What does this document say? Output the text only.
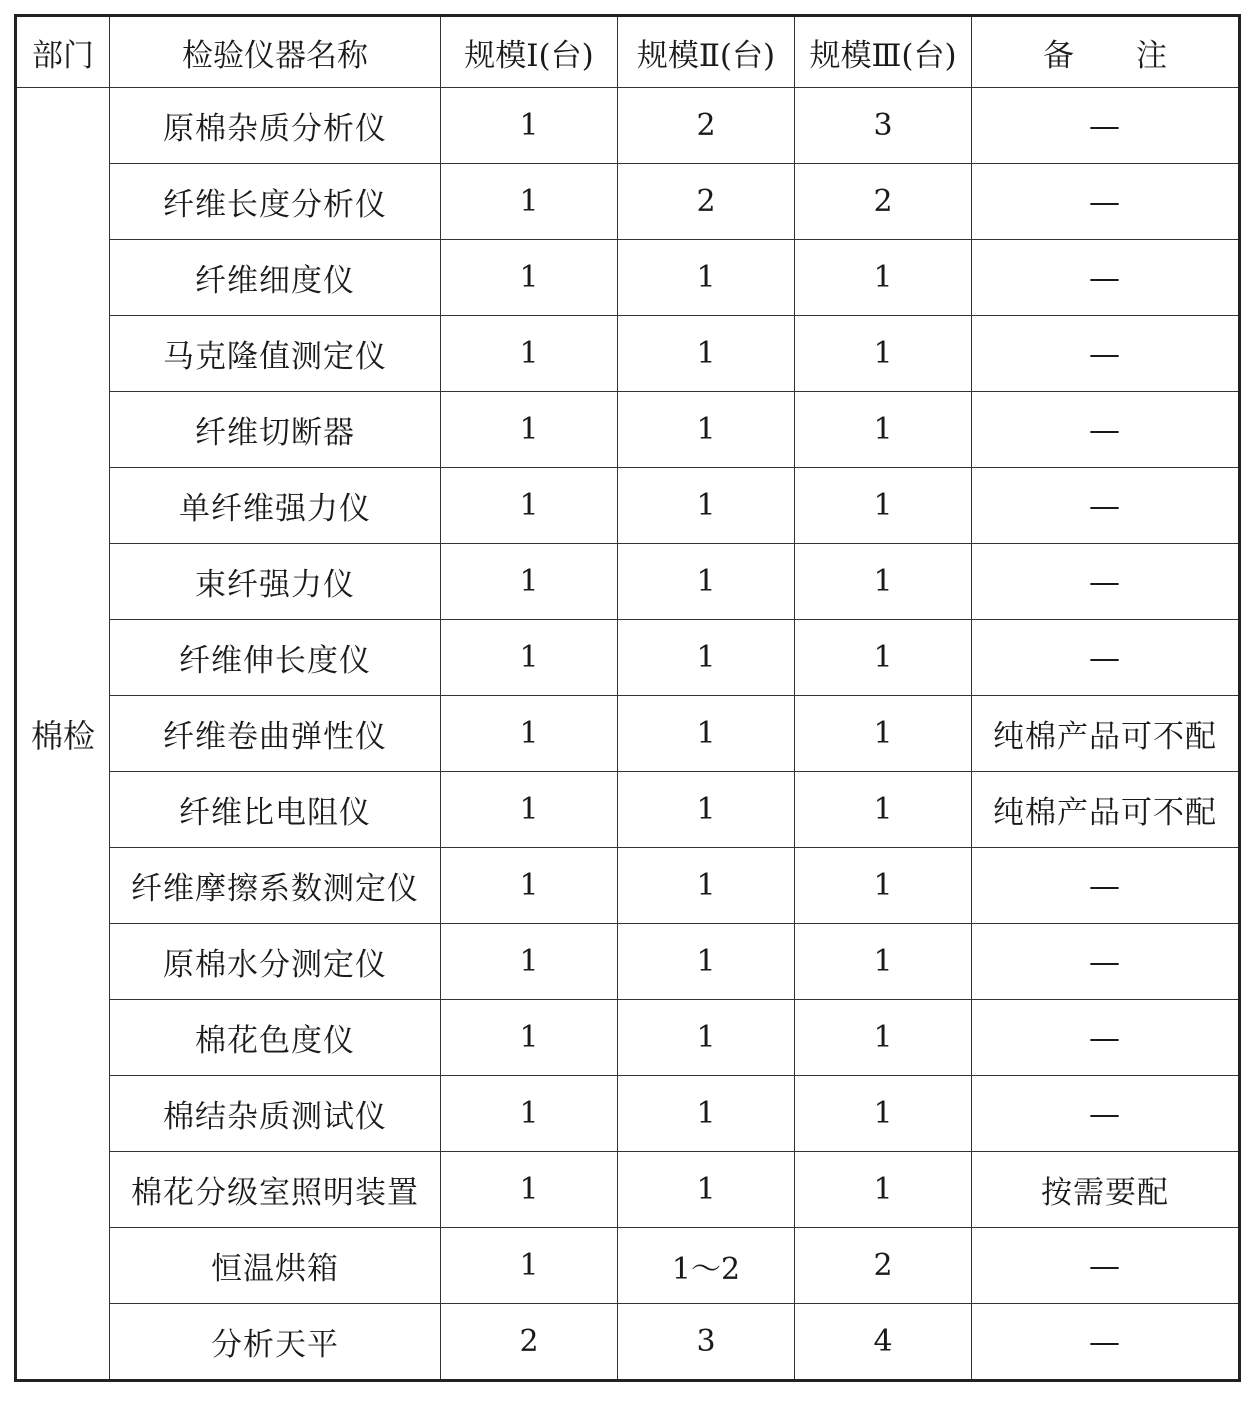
部门	检验仪器名称	规模Ⅰ(台)	规模Ⅱ(台)	规模Ⅲ(台)	备　　注
棉检	原棉杂质分析仪	1	2	3	—
	纤维长度分析仪	1	2	2	—
	纤维细度仪	1	1	1	—
	马克隆值测定仪	1	1	1	—
	纤维切断器	1	1	1	—
	单纤维强力仪	1	1	1	—
	束纤强力仪	1	1	1	—
	纤维伸长度仪	1	1	1	—
	纤维卷曲弹性仪	1	1	1	纯棉产品可不配
	纤维比电阻仪	1	1	1	纯棉产品可不配
	纤维摩擦系数测定仪	1	1	1	—
	原棉水分测定仪	1	1	1	—
	棉花色度仪	1	1	1	—
	棉结杂质测试仪	1	1	1	—
	棉花分级室照明装置	1	1	1	按需要配
	恒温烘箱	1	1～2	2	—
	分析天平	2	3	4	—
